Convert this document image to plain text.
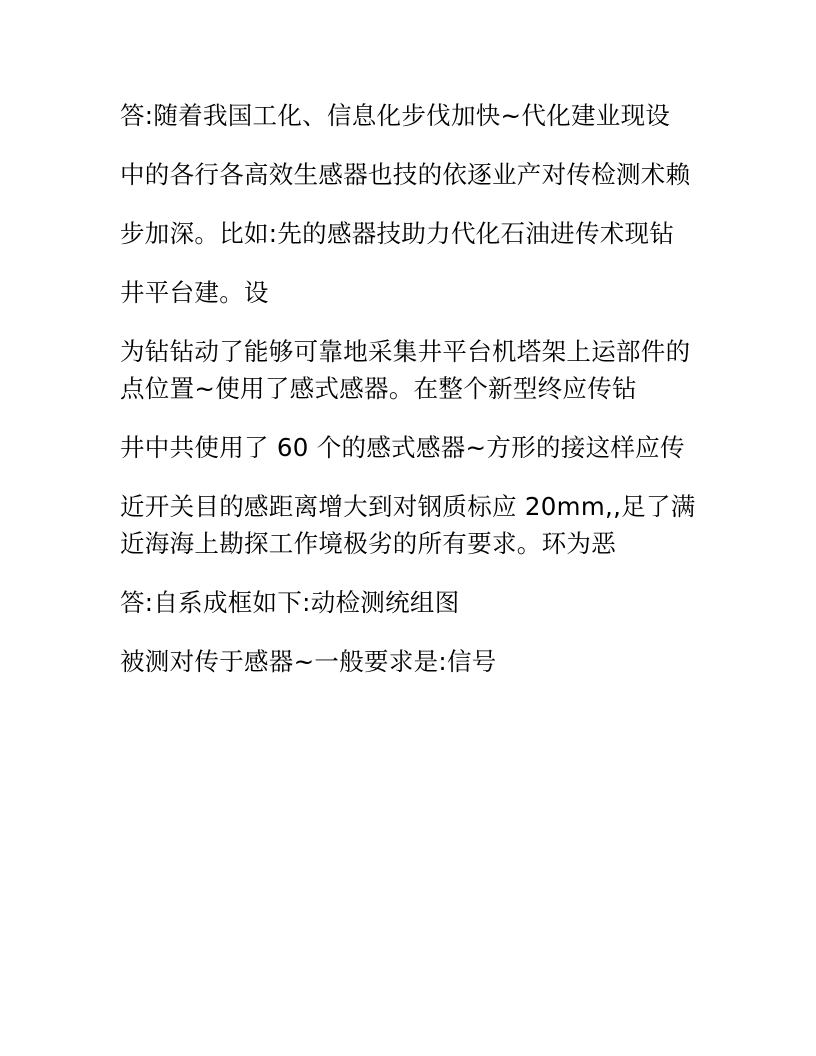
答:随着我国工化、信息化步伐加快~代化建业现设

中的各行各高效生感器也技的依逐业产对传检测术赖

步加深。比如:先的感器技助力代化石油进传术现钻

井平台建。设

为钻钻动了能够可靠地采集井平台机塔架上运部件的点位置~使用了感式感器。在整个新型终应传钻

井中共使用了 60 个的感式感器~方形的接这样应传

近开关目的感距离增大到对钢质标应 20mm,,足了满近海海上勘探工作境极劣的所有要求。环为恶

答:自系成框如下:动检测统组图

被测对传于感器~一般要求是:信号
